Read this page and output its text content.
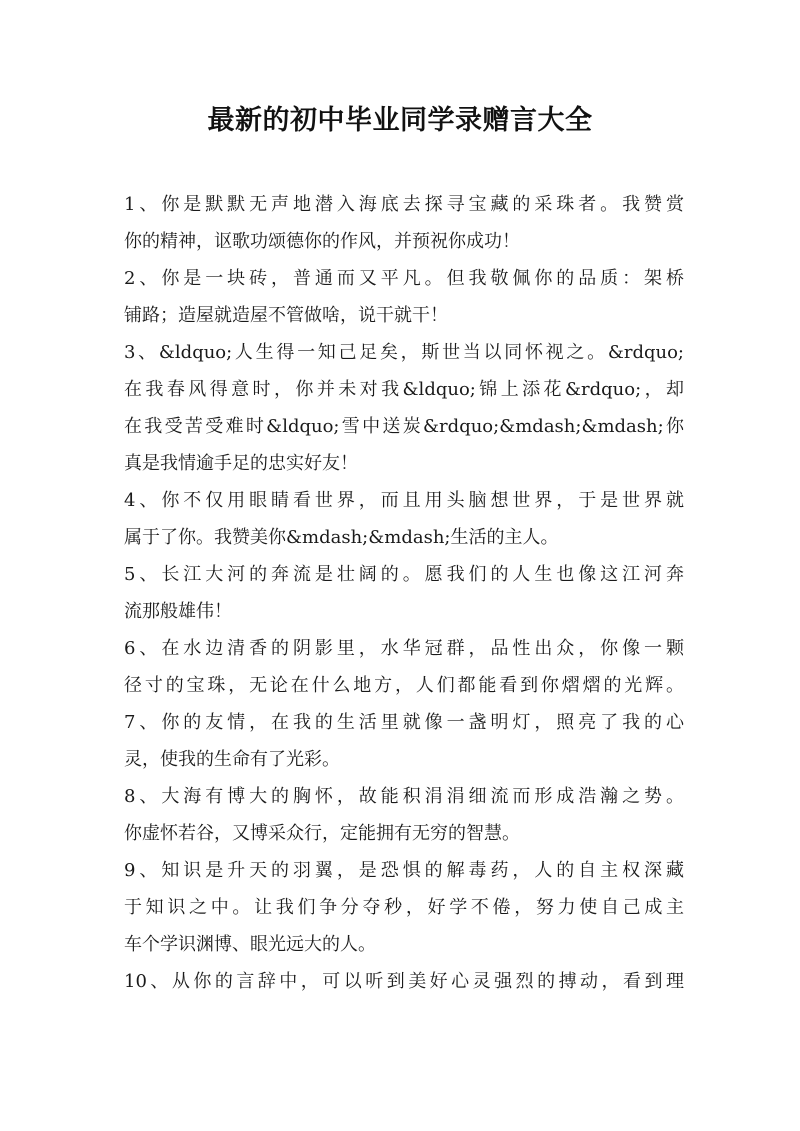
最新的初中毕业同学录赠言大全
1、你是默默无声地潜入海底去探寻宝藏的采珠者。我赞赏
你的精神，讴歌功颂德你的作风，并预祝你成功！
2、你是一块砖，普通而又平凡。但我敬佩你的品质：架桥
铺路；造屋就造屋不管做啥，说干就干！
3、&ldquo;人生得一知己足矣，斯世当以同怀视之。&rdquo;
在我春风得意时，你并未对我&ldquo;锦上添花&rdquo;，却
在我受苦受难时&ldquo;雪中送炭&rdquo;&mdash;&mdash;你
真是我情逾手足的忠实好友！
4、你不仅用眼睛看世界，而且用头脑想世界，于是世界就
属于了你。我赞美你&mdash;&mdash;生活的主人。
5、长江大河的奔流是壮阔的。愿我们的人生也像这江河奔
流那般雄伟！
6、在水边清香的阴影里，水华冠群，品性出众，你像一颗
径寸的宝珠，无论在什么地方，人们都能看到你熠熠的光辉。
7、你的友情，在我的生活里就像一盏明灯，照亮了我的心
灵，使我的生命有了光彩。
8、大海有博大的胸怀，故能积涓涓细流而形成浩瀚之势。
你虚怀若谷，又博采众行，定能拥有无穷的智慧。
9、知识是升天的羽翼，是恐惧的解毒药，人的自主权深藏
于知识之中。让我们争分夺秒，好学不倦，努力使自己成主
车个学识渊博、眼光远大的人。
10、从你的言辞中，可以听到美好心灵强烈的搏动，看到理
